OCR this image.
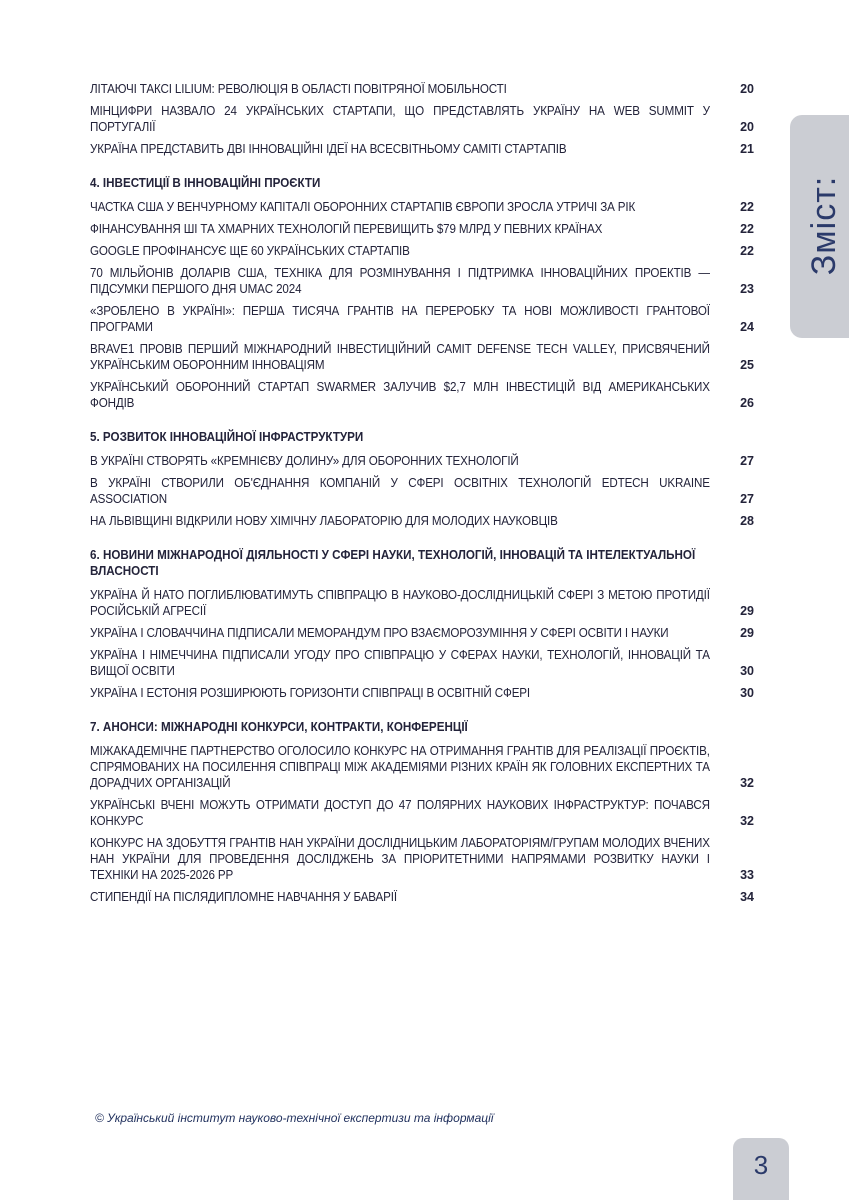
Зміст:
ЛІТАЮЧІ ТАКСІ LILIUM: РЕВОЛЮЦІЯ В ОБЛАСТІ ПОВІТРЯНОЇ МОБІЛЬНОСТІ	20
МІНЦИФРИ НАЗВАЛО 24 УКРАЇНСЬКИХ СТАРТАПИ, ЩО ПРЕДСТАВЛЯТЬ УКРАЇНУ НА WEB SUMMIT У ПОРТУГАЛІЇ	20
УКРАЇНА ПРЕДСТАВИТЬ ДВІ ІННОВАЦІЙНІ ІДЕЇ НА ВСЕСВІТНЬОМУ САМІТІ СТАРТАПІВ	21
4. ІНВЕСТИЦІЇ В ІННОВАЦІЙНІ ПРОЄКТИ
ЧАСТКА США У ВЕНЧУРНОМУ КАПІТАЛІ ОБОРОННИХ СТАРТАПІВ ЄВРОПИ ЗРОСЛА УТРИЧІ ЗА РІК	22
ФІНАНСУВАННЯ ШІ ТА ХМАРНИХ ТЕХНОЛОГІЙ ПЕРЕВИЩИТЬ $79 МЛРД У ПЕВНИХ КРАЇНАХ	22
GOOGLE ПРОФІНАНСУЄ ЩЕ 60 УКРАЇНСЬКИХ СТАРТАПІВ	22
70 МІЛЬЙОНІВ ДОЛАРІВ США, ТЕХНІКА ДЛЯ РОЗМІНУВАННЯ І ПІДТРИМКА ІННОВАЦІЙНИХ ПРОЕКТІВ — ПІДСУМКИ ПЕРШОГО ДНЯ UMAC 2024	23
«ЗРОБЛЕНО В УКРАЇНІ»: ПЕРША ТИСЯЧА ГРАНТІВ НА ПЕРЕРОБКУ ТА НОВІ МОЖЛИВОСТІ ГРАНТОВОЇ ПРОГРАМИ	24
BRAVE1 ПРОВІВ ПЕРШИЙ МІЖНАРОДНИЙ ІНВЕСТИЦІЙНИЙ САМІТ DEFENSE TECH VALLEY, ПРИСВЯЧЕНИЙ УКРАЇНСЬКИМ ОБОРОННИМ ІННОВАЦІЯМ	25
УКРАЇНСЬКИЙ ОБОРОННИЙ СТАРТАП SWARMER ЗАЛУЧИВ $2,7 МЛН ІНВЕСТИЦІЙ ВІД АМЕРИКАНСЬКИХ ФОНДІВ	26
5. РОЗВИТОК ІННОВАЦІЙНОЇ ІНФРАСТРУКТУРИ
В УКРАЇНІ СТВОРЯТЬ «КРЕМНІЄВУ ДОЛИНУ» ДЛЯ ОБОРОННИХ ТЕХНОЛОГІЙ	27
В УКРАЇНІ СТВОРИЛИ ОБ'ЄДНАННЯ КОМПАНІЙ У СФЕРІ ОСВІТНІХ ТЕХНОЛОГІЙ EDTECH UKRAINE ASSOCIATION	27
НА ЛЬВІВЩИНІ ВІДКРИЛИ НОВУ ХІМІЧНУ ЛАБОРАТОРІЮ ДЛЯ МОЛОДИХ НАУКОВЦІВ	28
6. НОВИНИ МІЖНАРОДНОЇ ДІЯЛЬНОСТІ У СФЕРІ НАУКИ, ТЕХНОЛОГІЙ, ІННОВАЦІЙ ТА ІНТЕЛЕКТУАЛЬНОЇ ВЛАСНОСТІ
УКРАЇНА Й НАТО ПОГЛИБЛЮВАТИМУТЬ СПІВПРАЦЮ В НАУКОВО-ДОСЛІДНИЦЬКІЙ СФЕРІ З МЕТОЮ ПРОТИДІЇ РОСІЙСЬКІЙ АГРЕСІЇ	29
УКРАЇНА І СЛОВАЧЧИНА ПІДПИСАЛИ МЕМОРАНДУМ ПРО ВЗАЄМОРОЗУМІННЯ У СФЕРІ ОСВІТИ І НАУКИ	29
УКРАЇНА І НІМЕЧЧИНА ПІДПИСАЛИ УГОДУ ПРО СПІВПРАЦЮ У СФЕРАХ НАУКИ, ТЕХНОЛОГІЙ, ІННОВАЦІЙ ТА ВИЩОЇ ОСВІТИ	30
УКРАЇНА І ЕСТОНІЯ РОЗШИРЮЮТЬ ГОРИЗОНТИ СПІВПРАЦІ В ОСВІТНІЙ СФЕРІ	30
7. АНОНСИ: МІЖНАРОДНІ КОНКУРСИ, КОНТРАКТИ, КОНФЕРЕНЦІЇ
МІЖАКАДЕМІЧНЕ ПАРТНЕРСТВО ОГОЛОСИЛО КОНКУРС НА ОТРИМАННЯ ГРАНТІВ ДЛЯ РЕАЛІЗАЦІЇ ПРОЄКТІВ, СПРЯМОВАНИХ НА ПОСИЛЕННЯ СПІВПРАЦІ МІЖ АКАДЕМІЯМИ РІЗНИХ КРАЇН ЯК ГОЛОВНИХ ЕКСПЕРТНИХ ТА ДОРАДЧИХ ОРГАНІЗАЦІЙ	32
УКРАЇНСЬКІ ВЧЕНІ МОЖУТЬ ОТРИМАТИ ДОСТУП ДО 47 ПОЛЯРНИХ НАУКОВИХ ІНФРАСТРУКТУР: ПОЧАВСЯ КОНКУРС	32
КОНКУРС НА ЗДОБУТТЯ ГРАНТІВ НАН УКРАЇНИ ДОСЛІДНИЦЬКИМ ЛАБОРАТОРІЯМ/ГРУПАМ МОЛОДИХ ВЧЕНИХ НАН УКРАЇНИ ДЛЯ ПРОВЕДЕННЯ ДОСЛІДЖЕНЬ ЗА ПРІОРИТЕТНИМИ НАПРЯМАМИ РОЗВИТКУ НАУКИ І ТЕХНІКИ НА 2025-2026 РР	33
СТИПЕНДІЇ НА ПІСЛЯДИПЛОМНЕ НАВЧАННЯ У БАВАРІЇ	34
© Український інститут науково-технічної експертизи та інформації
3
